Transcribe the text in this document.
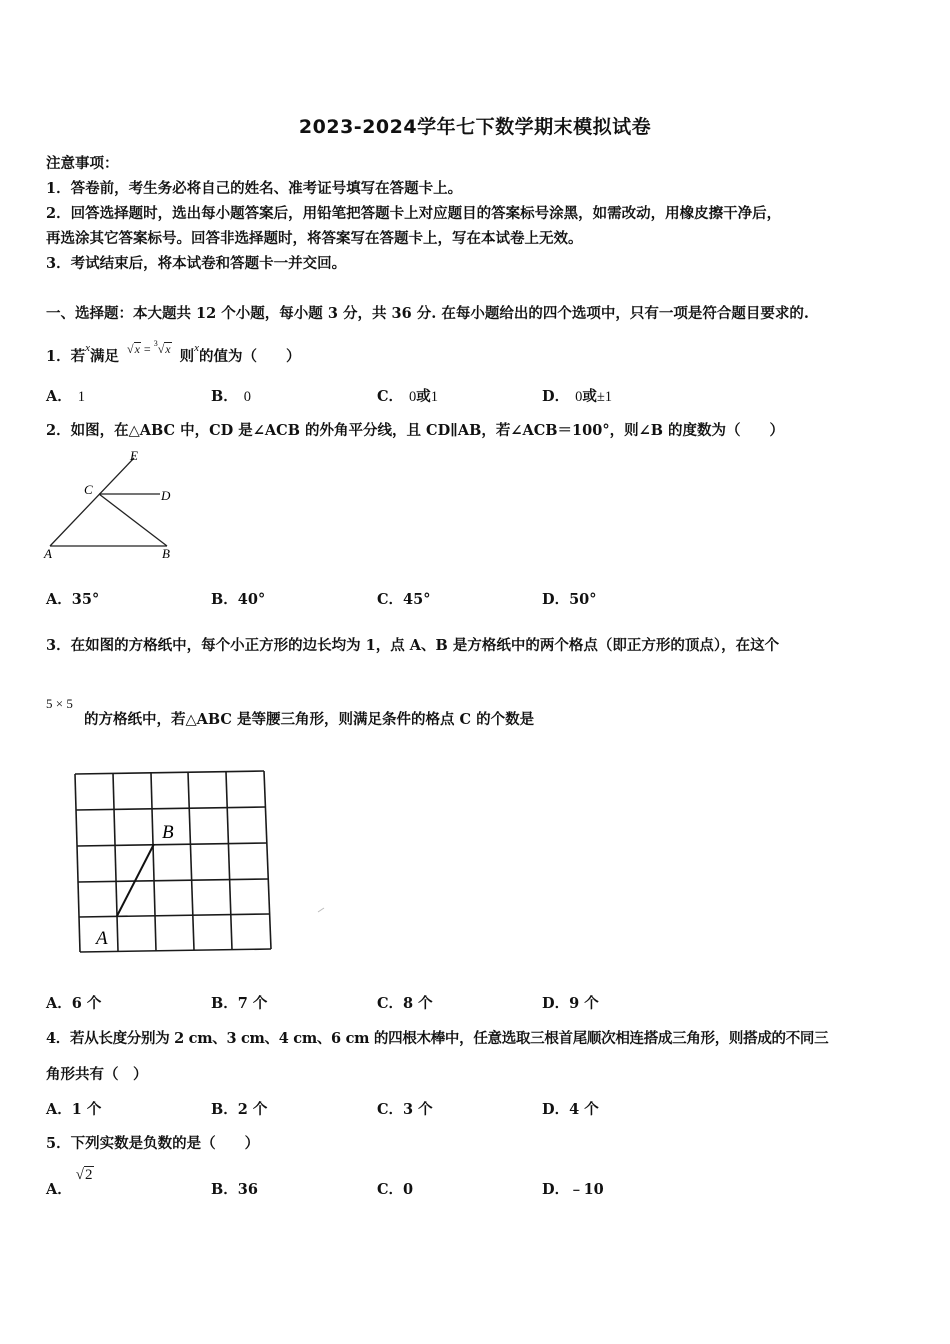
2023-2024学年七下数学期末模拟试卷
注意事项：
1．答卷前，考生务必将自己的姓名、准考证号填写在答题卡上。
2．回答选择题时，选出每小题答案后，用铅笔把答题卡上对应题目的答案标号涂黑，如需改动，用橡皮擦干净后，
再选涂其它答案标号。回答非选择题时，将答案写在答题卡上，写在本试卷上无效。
3．考试结束后，将本试卷和答题卡一并交回。
一、选择题：本大题共 12 个小题，每小题 3 分，共 36 分. 在每小题给出的四个选项中，只有一项是符合题目要求的.
1．若$^x$满足 $^{√x = ^3√x}$ 则$^x$的值为（　　）
A． 1	B． 0	C． 0或1	D． 0或±1
2．如图，在△ABC 中，CD 是∠ACB 的外角平分线，且 CD∥AB，若∠ACB＝100°，则∠B 的度数为（　　）
E
C	D
A	B
A．35°	B．40°	C．45°	D．50°
3．在如图的方格纸中，每个小正方形的边长均为 1，点 A、B 是方格纸中的两个格点（即正方形的顶点），在这个
5 × 5
的方格纸中，若△ABC 是等腰三角形，则满足条件的格点 C 的个数是
B
A
A．6 个	B．7 个	C．8 个	D．9 个
4．若从长度分别为 2 cm、3 cm、4 cm、6 cm 的四根木棒中，任意选取三根首尾顺次相连搭成三角形，则搭成的不同三
角形共有（　）
A．1 个	B．2 个	C．3 个	D．4 个
5．下列实数是负数的是（　　）
A．√2
B．36	C．0	D．﹣10
